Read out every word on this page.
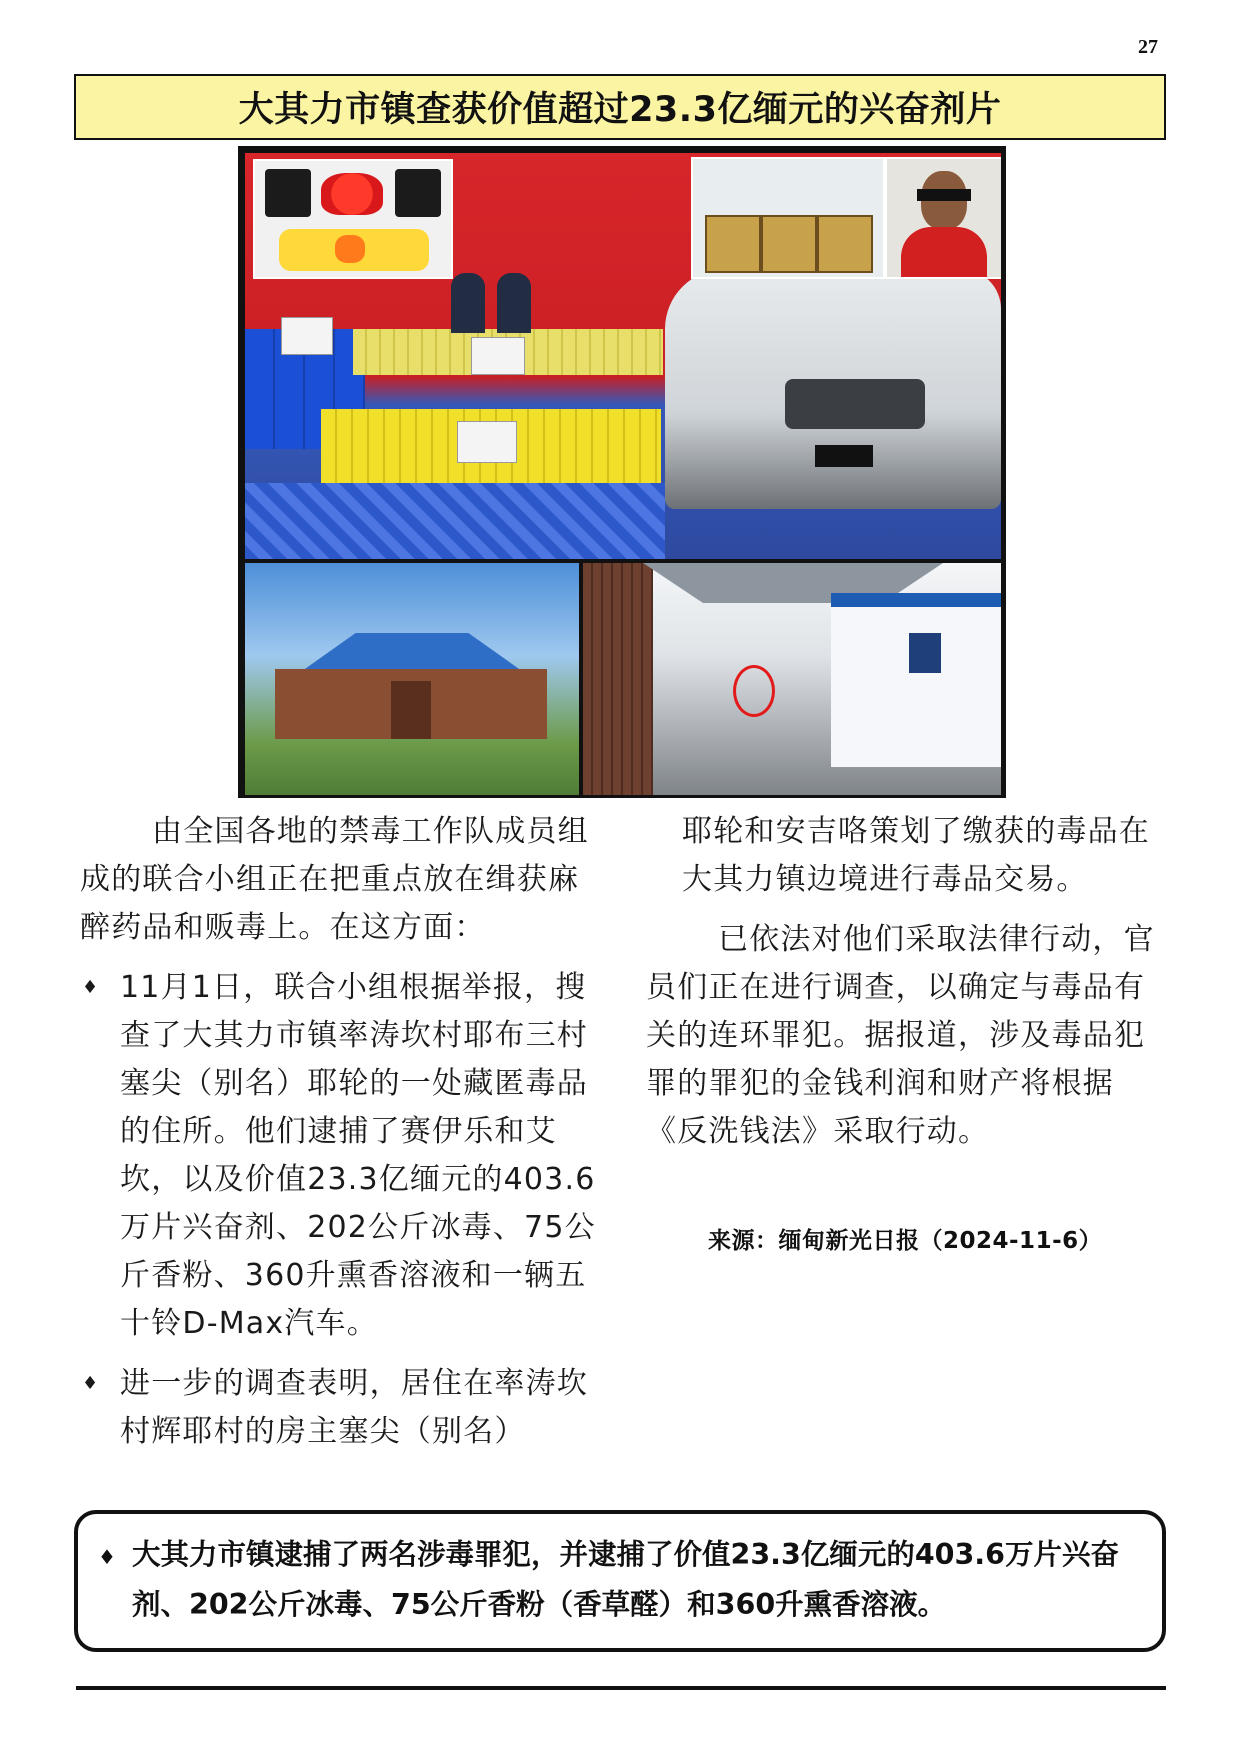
27
大其力市镇查获价值超过23.3亿缅元的兴奋剂片

由全国各地的禁毒工作队成员组成的联合小组正在把重点放在缉获麻醉药品和贩毒上。在这方面：

♦ 11月1日，联合小组根据举报，搜查了大其力市镇率涛坎村耶布三村塞尖（别名）耶轮的一处藏匿毒品的住所。他们逮捕了赛伊乐和艾坎，以及价值23.3亿缅元的403.6万片兴奋剂、202公斤冰毒、75公斤香粉、360升熏香溶液和一辆五十铃D-Max汽车。
♦ 进一步的调查表明，居住在率涛坎村辉耶村的房主塞尖（别名）

耶轮和安吉咯策划了缴获的毒品在大其力镇边境进行毒品交易。

已依法对他们采取法律行动，官员们正在进行调查，以确定与毒品有关的连环罪犯。据报道，涉及毒品犯罪的罪犯的金钱利润和财产将根据《反洗钱法》采取行动。

来源：缅甸新光日报（2024-11-6）
♦ 大其力市镇逮捕了两名涉毒罪犯，并逮捕了价值23.3亿缅元的403.6万片兴奋剂、202公斤冰毒、75公斤香粉（香草醛）和360升熏香溶液。
